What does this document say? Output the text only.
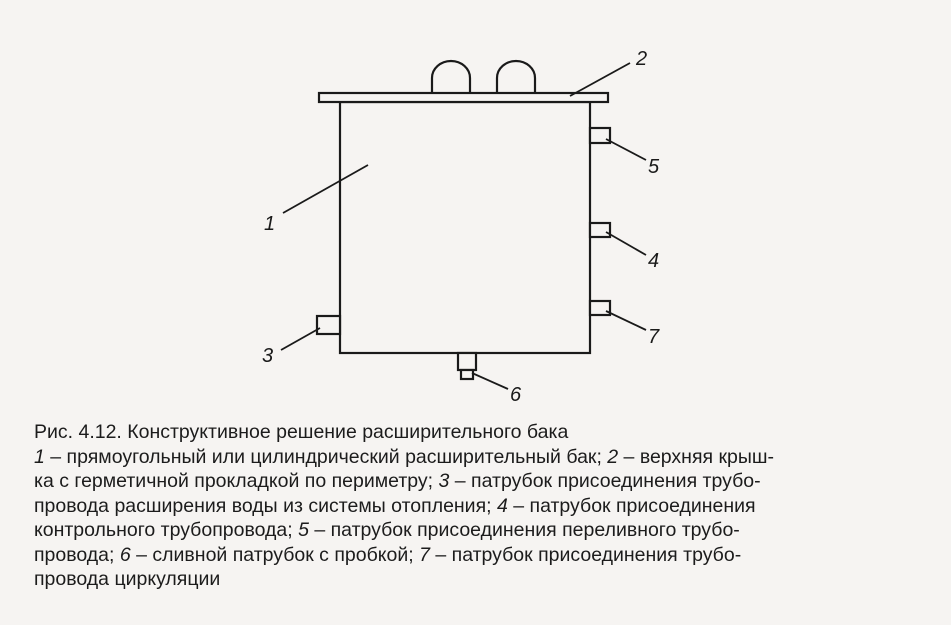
1
2
3
4
5
6
7
Рис. 4.12. Конструктивное решение расширительного бака
1 – прямоугольный или цилиндрический расширительный бак; 2 – верхняя крыш-
ка с герметичной прокладкой по периметру; 3 – патрубок присоединения трубо-
провода расширения воды из системы отопления; 4 – патрубок присоединения
контрольного трубопровода; 5 – патрубок присоединения переливного трубо-
провода; 6 – сливной патрубок с пробкой; 7 – патрубок присоединения трубо-
провода циркуляции
